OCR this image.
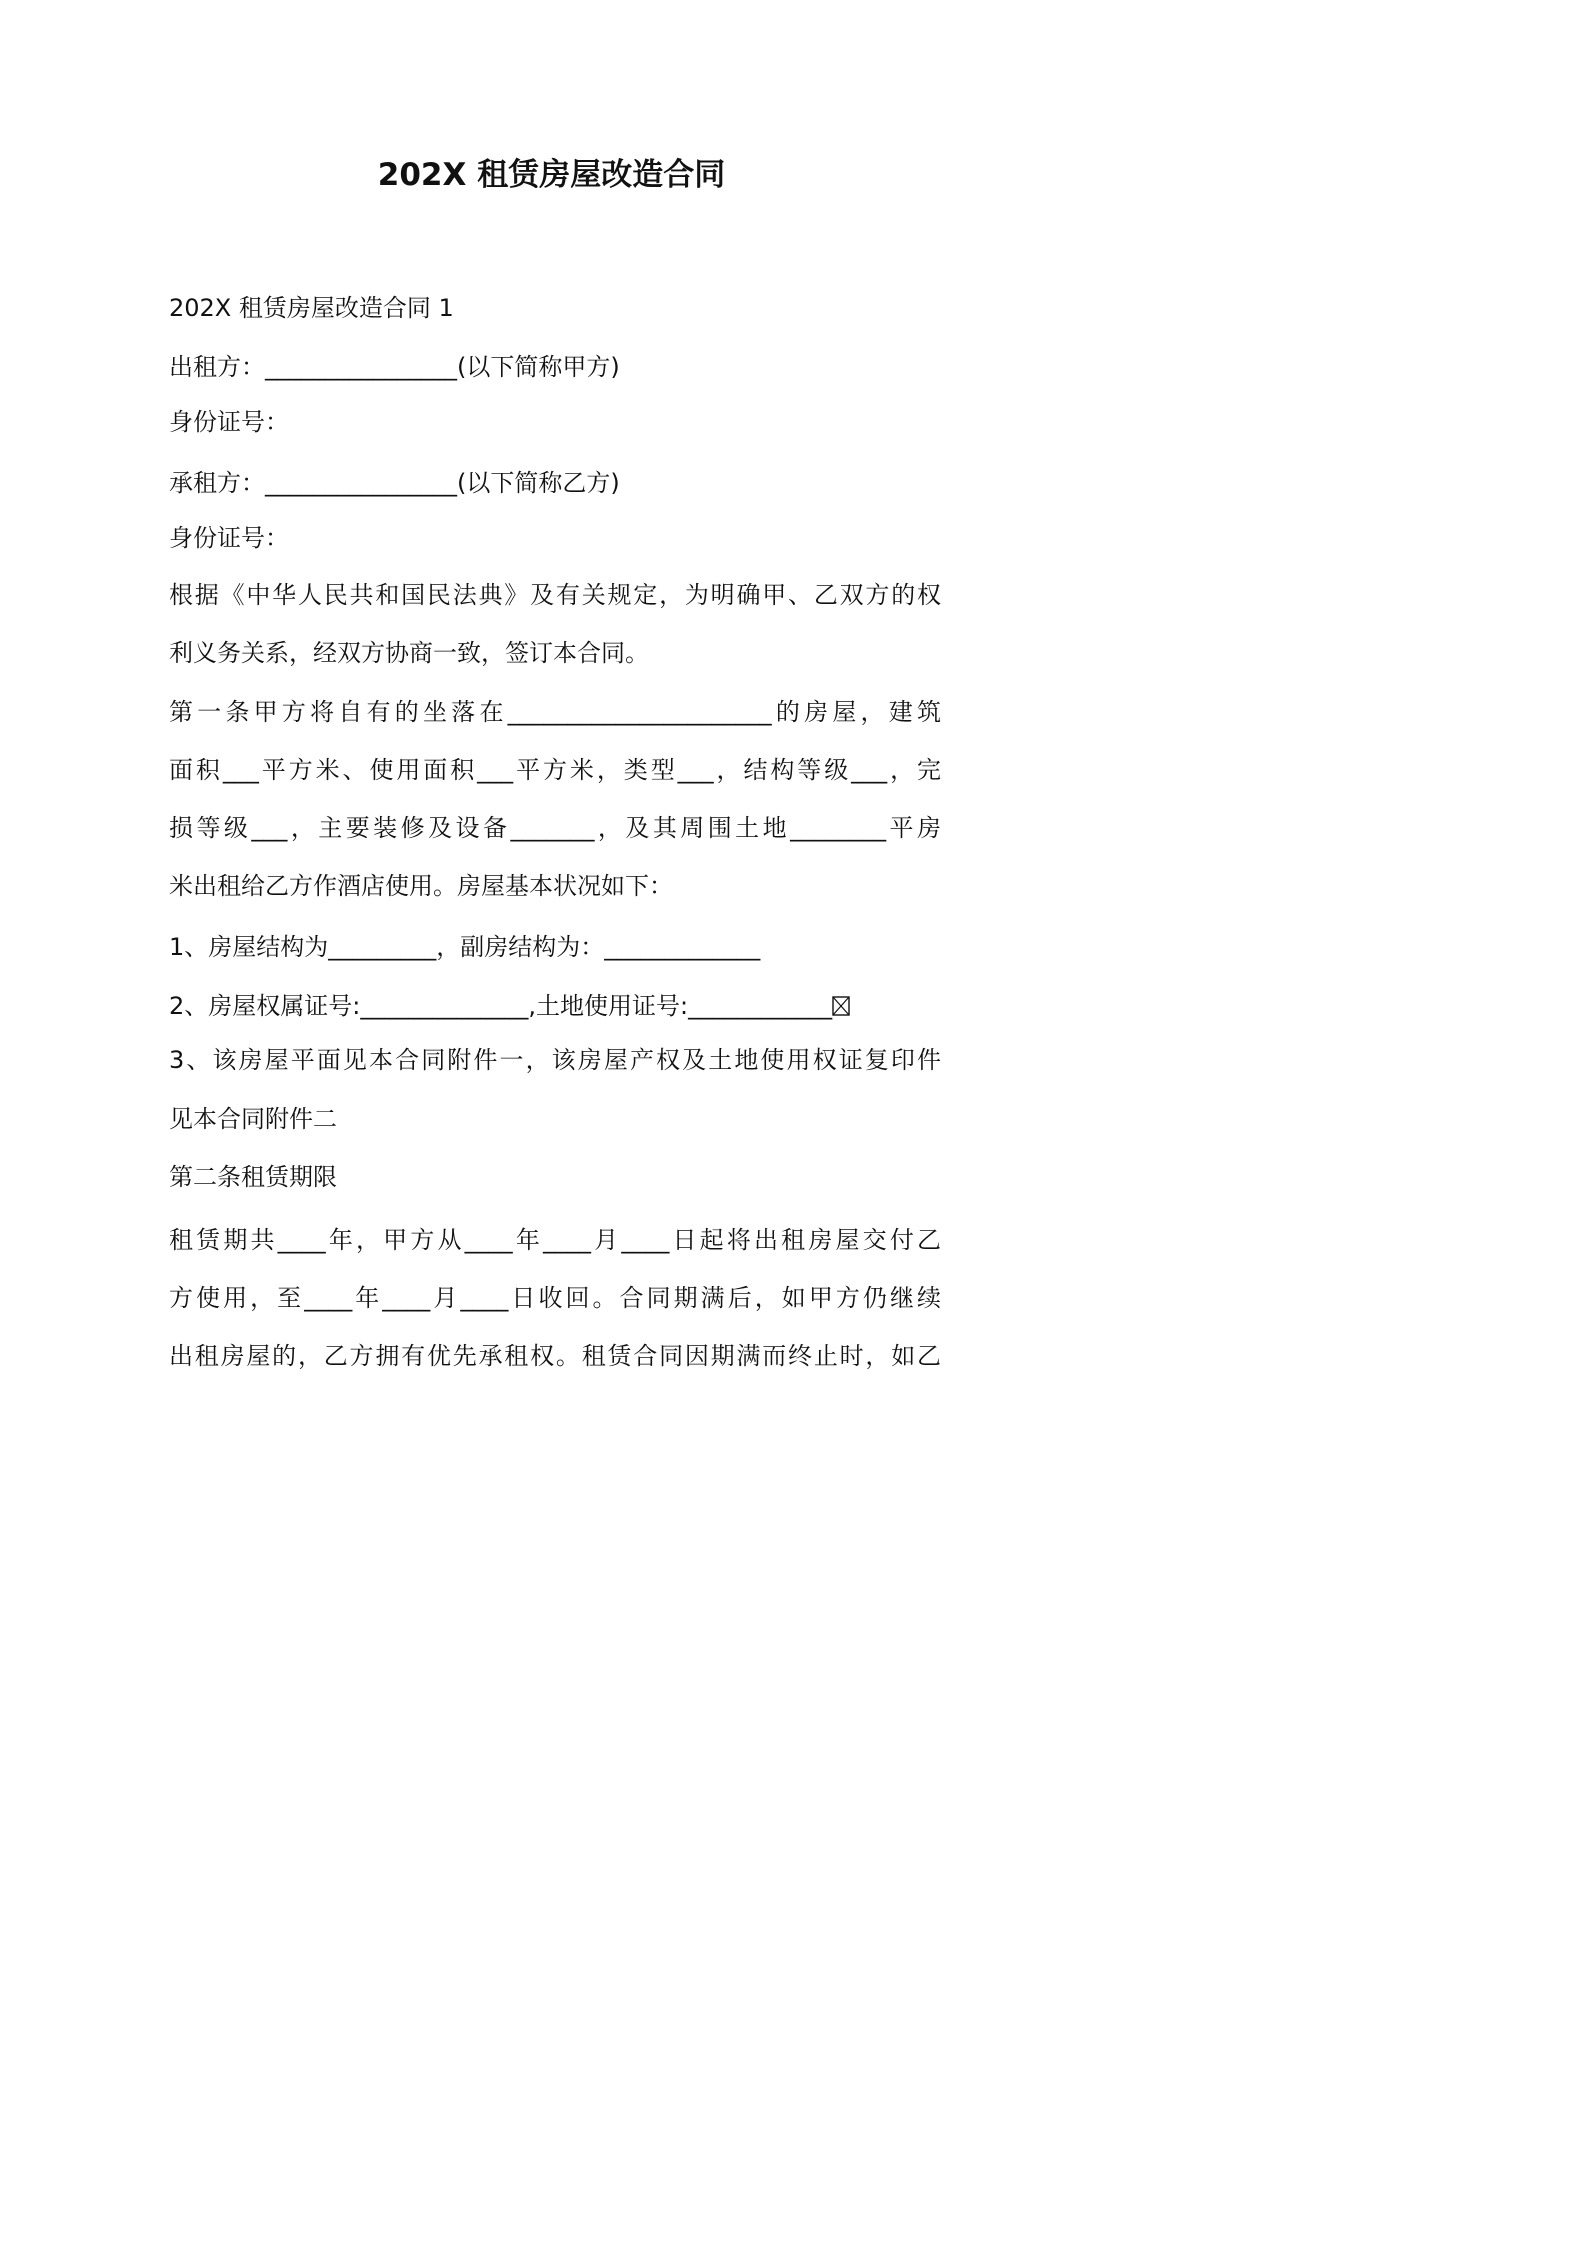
202X 租赁房屋改造合同
202X 租赁房屋改造合同 1
出租方：________________(以下简称甲方)
身份证号：
承租方：________________(以下简称乙方)
身份证号：
根据《中华人民共和国民法典》及有关规定，为明确甲、乙双方的权
利义务关系，经双方协商一致，签订本合同。
第一条甲方将自有的坐落在______________________的房屋，建筑
面积___平方米、使用面积___平方米，类型___，结构等级___，完
损等级___，主要装修及设备_______，及其周围土地________平房
米出租给乙方作酒店使用。房屋基本状况如下：
1、房屋结构为_________，副房结构为：_____________
2、房屋权属证号:______________,土地使用证号:____________
3、该房屋平面见本合同附件一，该房屋产权及土地使用权证复印件
见本合同附件二
第二条租赁期限
租赁期共____年，甲方从____年____月____日起将出租房屋交付乙
方使用，至____年____月____日收回。合同期满后，如甲方仍继续
出租房屋的，乙方拥有优先承租权。租赁合同因期满而终止时，如乙
